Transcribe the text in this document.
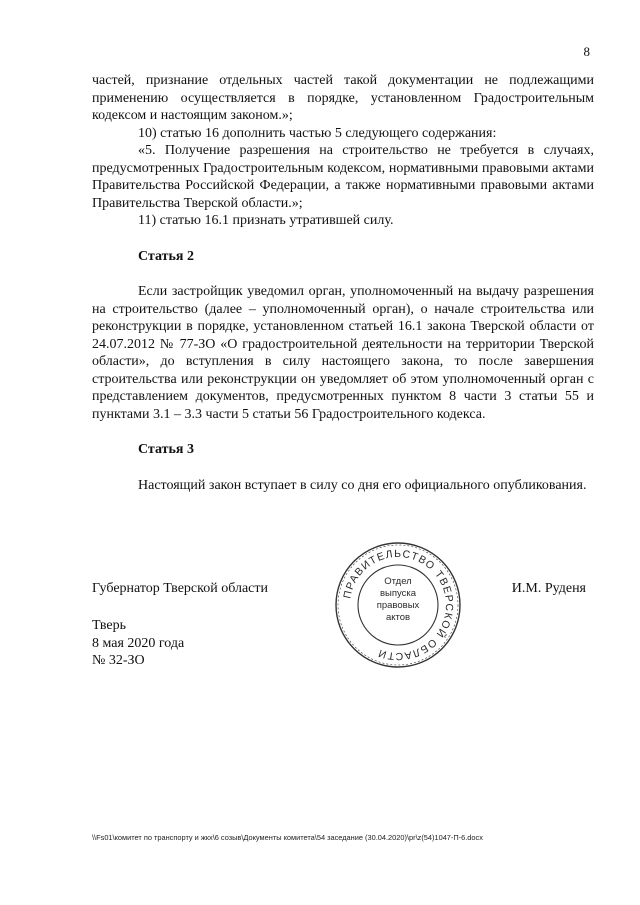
8

частей, признание отдельных частей такой документации не подлежащими применению осуществляется в порядке, установленном Градостроительным кодексом и настоящим законом.»;

10) статью 16 дополнить частью 5 следующего содержания:

«5. Получение разрешения на строительство не требуется в случаях, предусмотренных Градостроительным кодексом, нормативными правовыми актами Правительства Российской Федерации, а также нормативными правовыми актами Правительства Тверской области.»;

11) статью 16.1 признать утратившей силу.

Статья 2

Если застройщик уведомил орган, уполномоченный на выдачу разрешения на строительство (далее – уполномоченный орган), о начале строительства или реконструкции в порядке, установленном статьей 16.1 закона Тверской области от 24.07.2012 № 77-ЗО «О градостроительной деятельности на территории Тверской области», до вступления в силу настоящего закона, то после завершения строительства или реконструкции он уведомляет об этом уполномоченный орган с представлением документов, предусмотренных пунктом 8 части 3 статьи 55 и пунктами 3.1 – 3.3 части 5 статьи 56 Градостроительного кодекса.

Статья 3

Настоящий закон вступает в силу со дня его официального опубликования.

Губернатор Тверской области	И.М. Руденя
Тверь
8 мая 2020 года
№ 32-ЗО
ПРАВИТЕЛЬСТВО ТВЕРСКОЙ ОБЛАСТИ
Отдел
выпуска
правовых
актов
\\Fs01\комитет по транспорту и жкх\6 созыв\Документы комитета\54 заседание (30.04.2020)\pr\z(54)1047-П-6.docx
